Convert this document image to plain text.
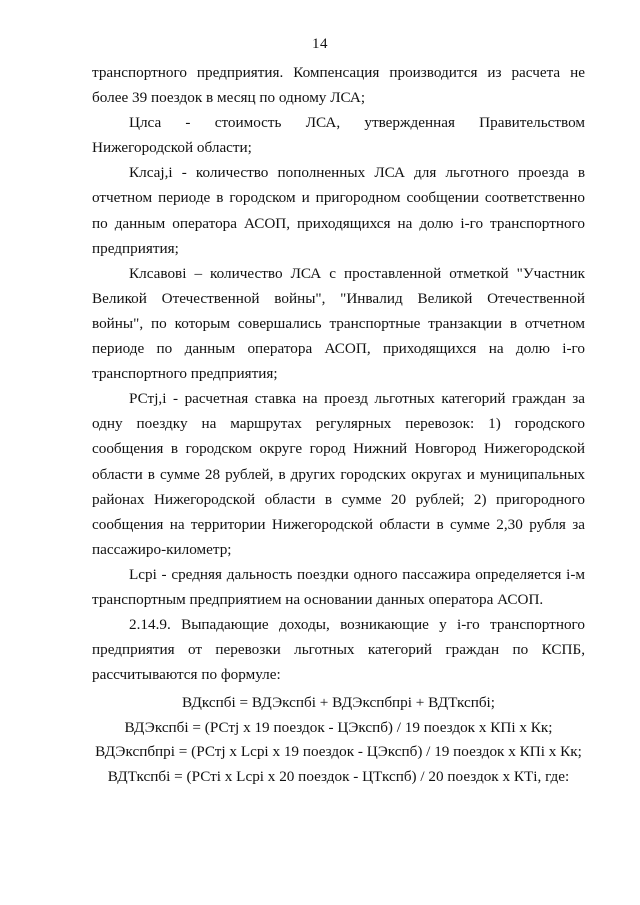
14

транспортного предприятия. Компенсация производится из расчета не более 39 поездок в месяц по одному ЛСА;

Цлса - стоимость ЛСА, утвержденная Правительством Нижегородской области;

Клсаj,i - количество пополненных ЛСА для льготного проезда в отчетном периоде в городском и пригородном сообщении соответственно по данным оператора АСОП, приходящихся на долю i-го транспортного предприятия;

Клсавовi – количество ЛСА с проставленной отметкой "Участник Великой Отечественной войны", "Инвалид Великой Отечественной войны", по которым совершались транспортные транзакции в отчетном периоде по данным оператора АСОП, приходящихся на долю i-го транспортного предприятия;

РСтj,i - расчетная ставка на проезд льготных категорий граждан за одну поездку на маршрутах регулярных перевозок: 1) городского сообщения в городском округе город Нижний Новгород Нижегородской области в сумме 28 рублей, в других городских округах и муниципальных районах Нижегородской области в сумме 20 рублей; 2) пригородного сообщения на территории Нижегородской области в сумме 2,30 рубля за пассажиро-километр;

Lcpi - средняя дальность поездки одного пассажира определяется i-м транспортным предприятием на основании данных оператора АСОП.

2.14.9. Выпадающие доходы, возникающие у i-го транспортного предприятия от перевозки льготных категорий граждан по КСПБ, рассчитываются по формуле:

ВДкспбi = ВДЭкспбi + ВДЭкспбпрi + ВДТкспбi;

ВДЭкспбi = (РСтj х 19 поездок - ЦЭкспб) / 19 поездок х КПi х Кк;

ВДЭкспбпрi = (РСтj х Lcpi х 19 поездок - ЦЭкспб) / 19 поездок х КПi х Кк;

ВДТкспбi = (РСтi х Lcpi х 20 поездок - ЦТкспб) / 20 поездок х КТi, где:
